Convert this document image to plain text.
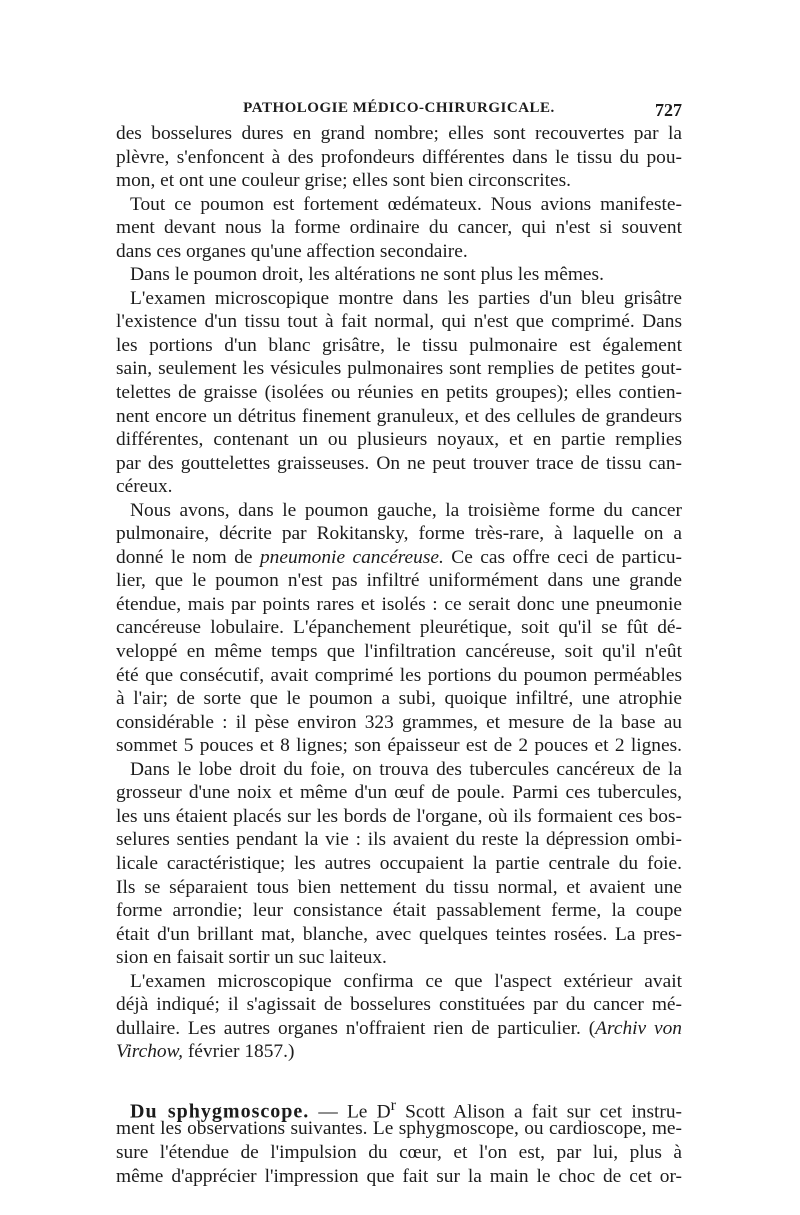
PATHOLOGIE MÉDICO-CHIRURGICALE.	727
des bosselures dures en grand nombre; elles sont recouvertes par la
plèvre, s'enfoncent à des profondeurs différentes dans le tissu du pou-
mon, et ont une couleur grise; elles sont bien circonscrites.
Tout ce poumon est fortement œdémateux. Nous avions manifeste-
ment devant nous la forme ordinaire du cancer, qui n'est si souvent
dans ces organes qu'une affection secondaire.
Dans le poumon droit, les altérations ne sont plus les mêmes.
L'examen microscopique montre dans les parties d'un bleu grisâtre
l'existence d'un tissu tout à fait normal, qui n'est que comprimé. Dans
les portions d'un blanc grisâtre, le tissu pulmonaire est également
sain, seulement les vésicules pulmonaires sont remplies de petites gout-
telettes de graisse (isolées ou réunies en petits groupes); elles contien-
nent encore un détritus finement granuleux, et des cellules de grandeurs
différentes, contenant un ou plusieurs noyaux, et en partie remplies
par des gouttelettes graisseuses. On ne peut trouver trace de tissu can-
céreux.
Nous avons, dans le poumon gauche, la troisième forme du cancer
pulmonaire, décrite par Rokitansky, forme très-rare, à laquelle on a
donné le nom de pneumonie cancéreuse. Ce cas offre ceci de particu-
lier, que le poumon n'est pas infiltré uniformément dans une grande
étendue, mais par points rares et isolés : ce serait donc une pneumonie
cancéreuse lobulaire. L'épanchement pleurétique, soit qu'il se fût dé-
veloppé en même temps que l'infiltration cancéreuse, soit qu'il n'eût
été que consécutif, avait comprimé les portions du poumon perméables
à l'air; de sorte que le poumon a subi, quoique infiltré, une atrophie
considérable : il pèse environ 323 grammes, et mesure de la base au
sommet 5 pouces et 8 lignes; son épaisseur est de 2 pouces et 2 lignes.
Dans le lobe droit du foie, on trouva des tubercules cancéreux de la
grosseur d'une noix et même d'un œuf de poule. Parmi ces tubercules,
les uns étaient placés sur les bords de l'organe, où ils formaient ces bos-
selures senties pendant la vie : ils avaient du reste la dépression ombi-
licale caractéristique; les autres occupaient la partie centrale du foie.
Ils se séparaient tous bien nettement du tissu normal, et avaient une
forme arrondie; leur consistance était passablement ferme, la coupe
était d'un brillant mat, blanche, avec quelques teintes rosées. La pres-
sion en faisait sortir un suc laiteux.
L'examen microscopique confirma ce que l'aspect extérieur avait
déjà indiqué; il s'agissait de bosselures constituées par du cancer mé-
dullaire. Les autres organes n'offraient rien de particulier. (Archiv von
Virchow, février 1857.)
Du sphygmoscope. — Le $D^r$ Scott Alison a fait sur cet instru-
ment les observations suivantes. Le sphygmoscope, ou cardioscope, me-
sure l'étendue de l'impulsion du cœur, et l'on est, par lui, plus à
même d'apprécier l'impression que fait sur la main le choc de cet or-
